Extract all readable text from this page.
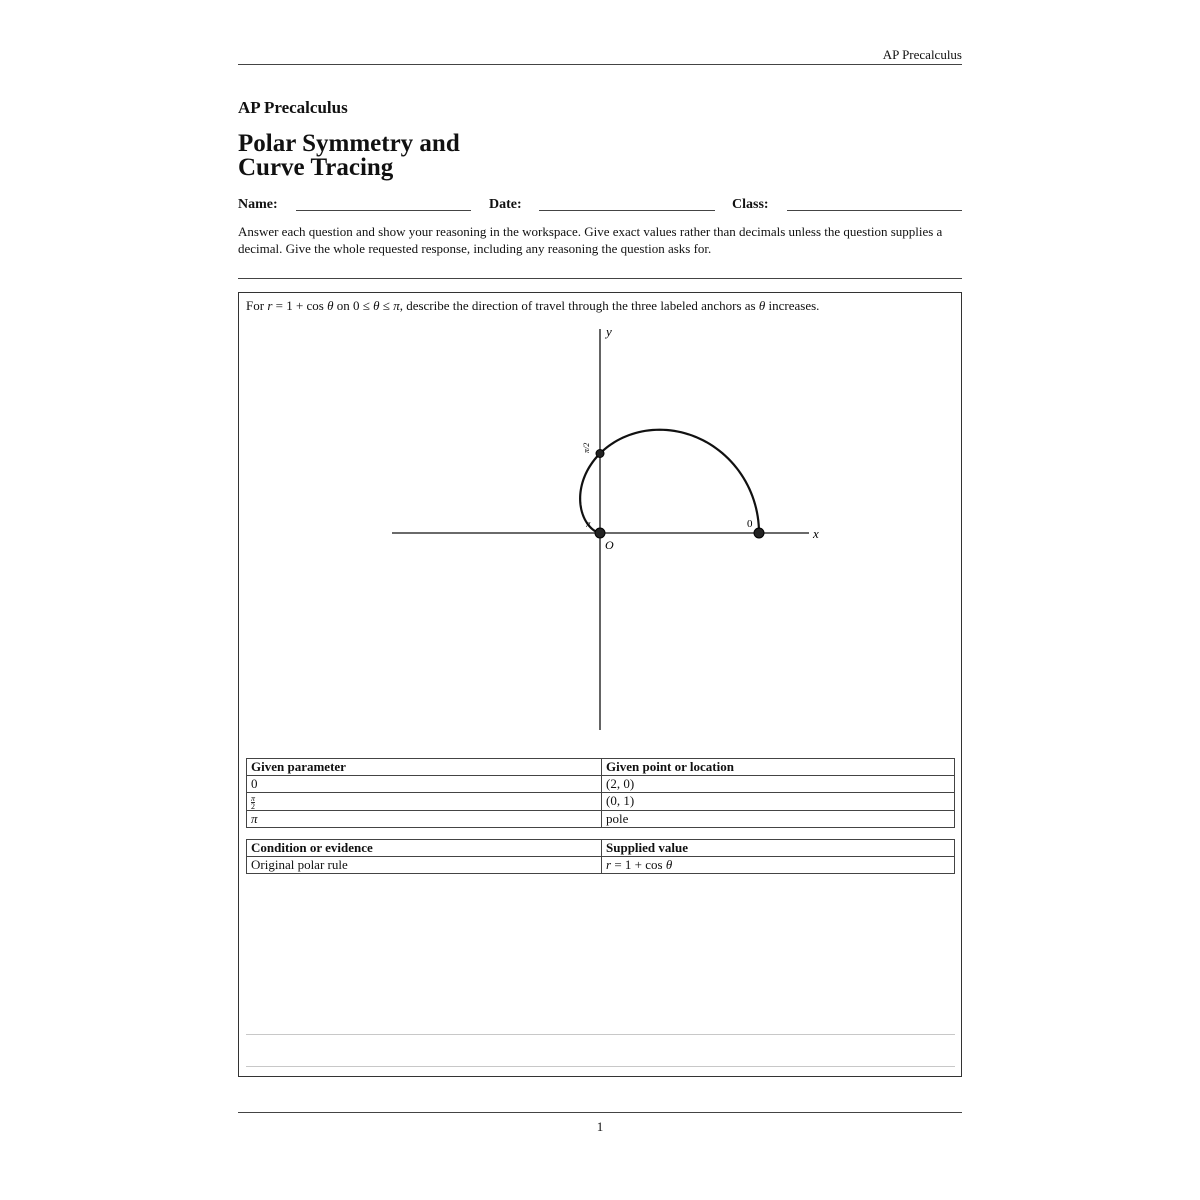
AP Precalculus
AP Precalculus
Polar Symmetry and
Curve Tracing
Name:	Date:	Class:
Answer each question and show your reasoning in the workspace. Give exact values rather than decimals unless the question supplies a decimal. Give the whole requested response, including any reasoning the question asks for.
For r = 1 + cos θ on 0 ≤ θ ≤ π, describe the direction of travel through the three labeled anchors as θ increases.
x
y
O
0
π/2
π
Given parameter	Given point or location
0	(2, 0)

$\frac{\pi}{2}$	(0, 1)
π	pole
Condition or evidence	Supplied value
Original polar rule	r = 1 + cos θ
1
